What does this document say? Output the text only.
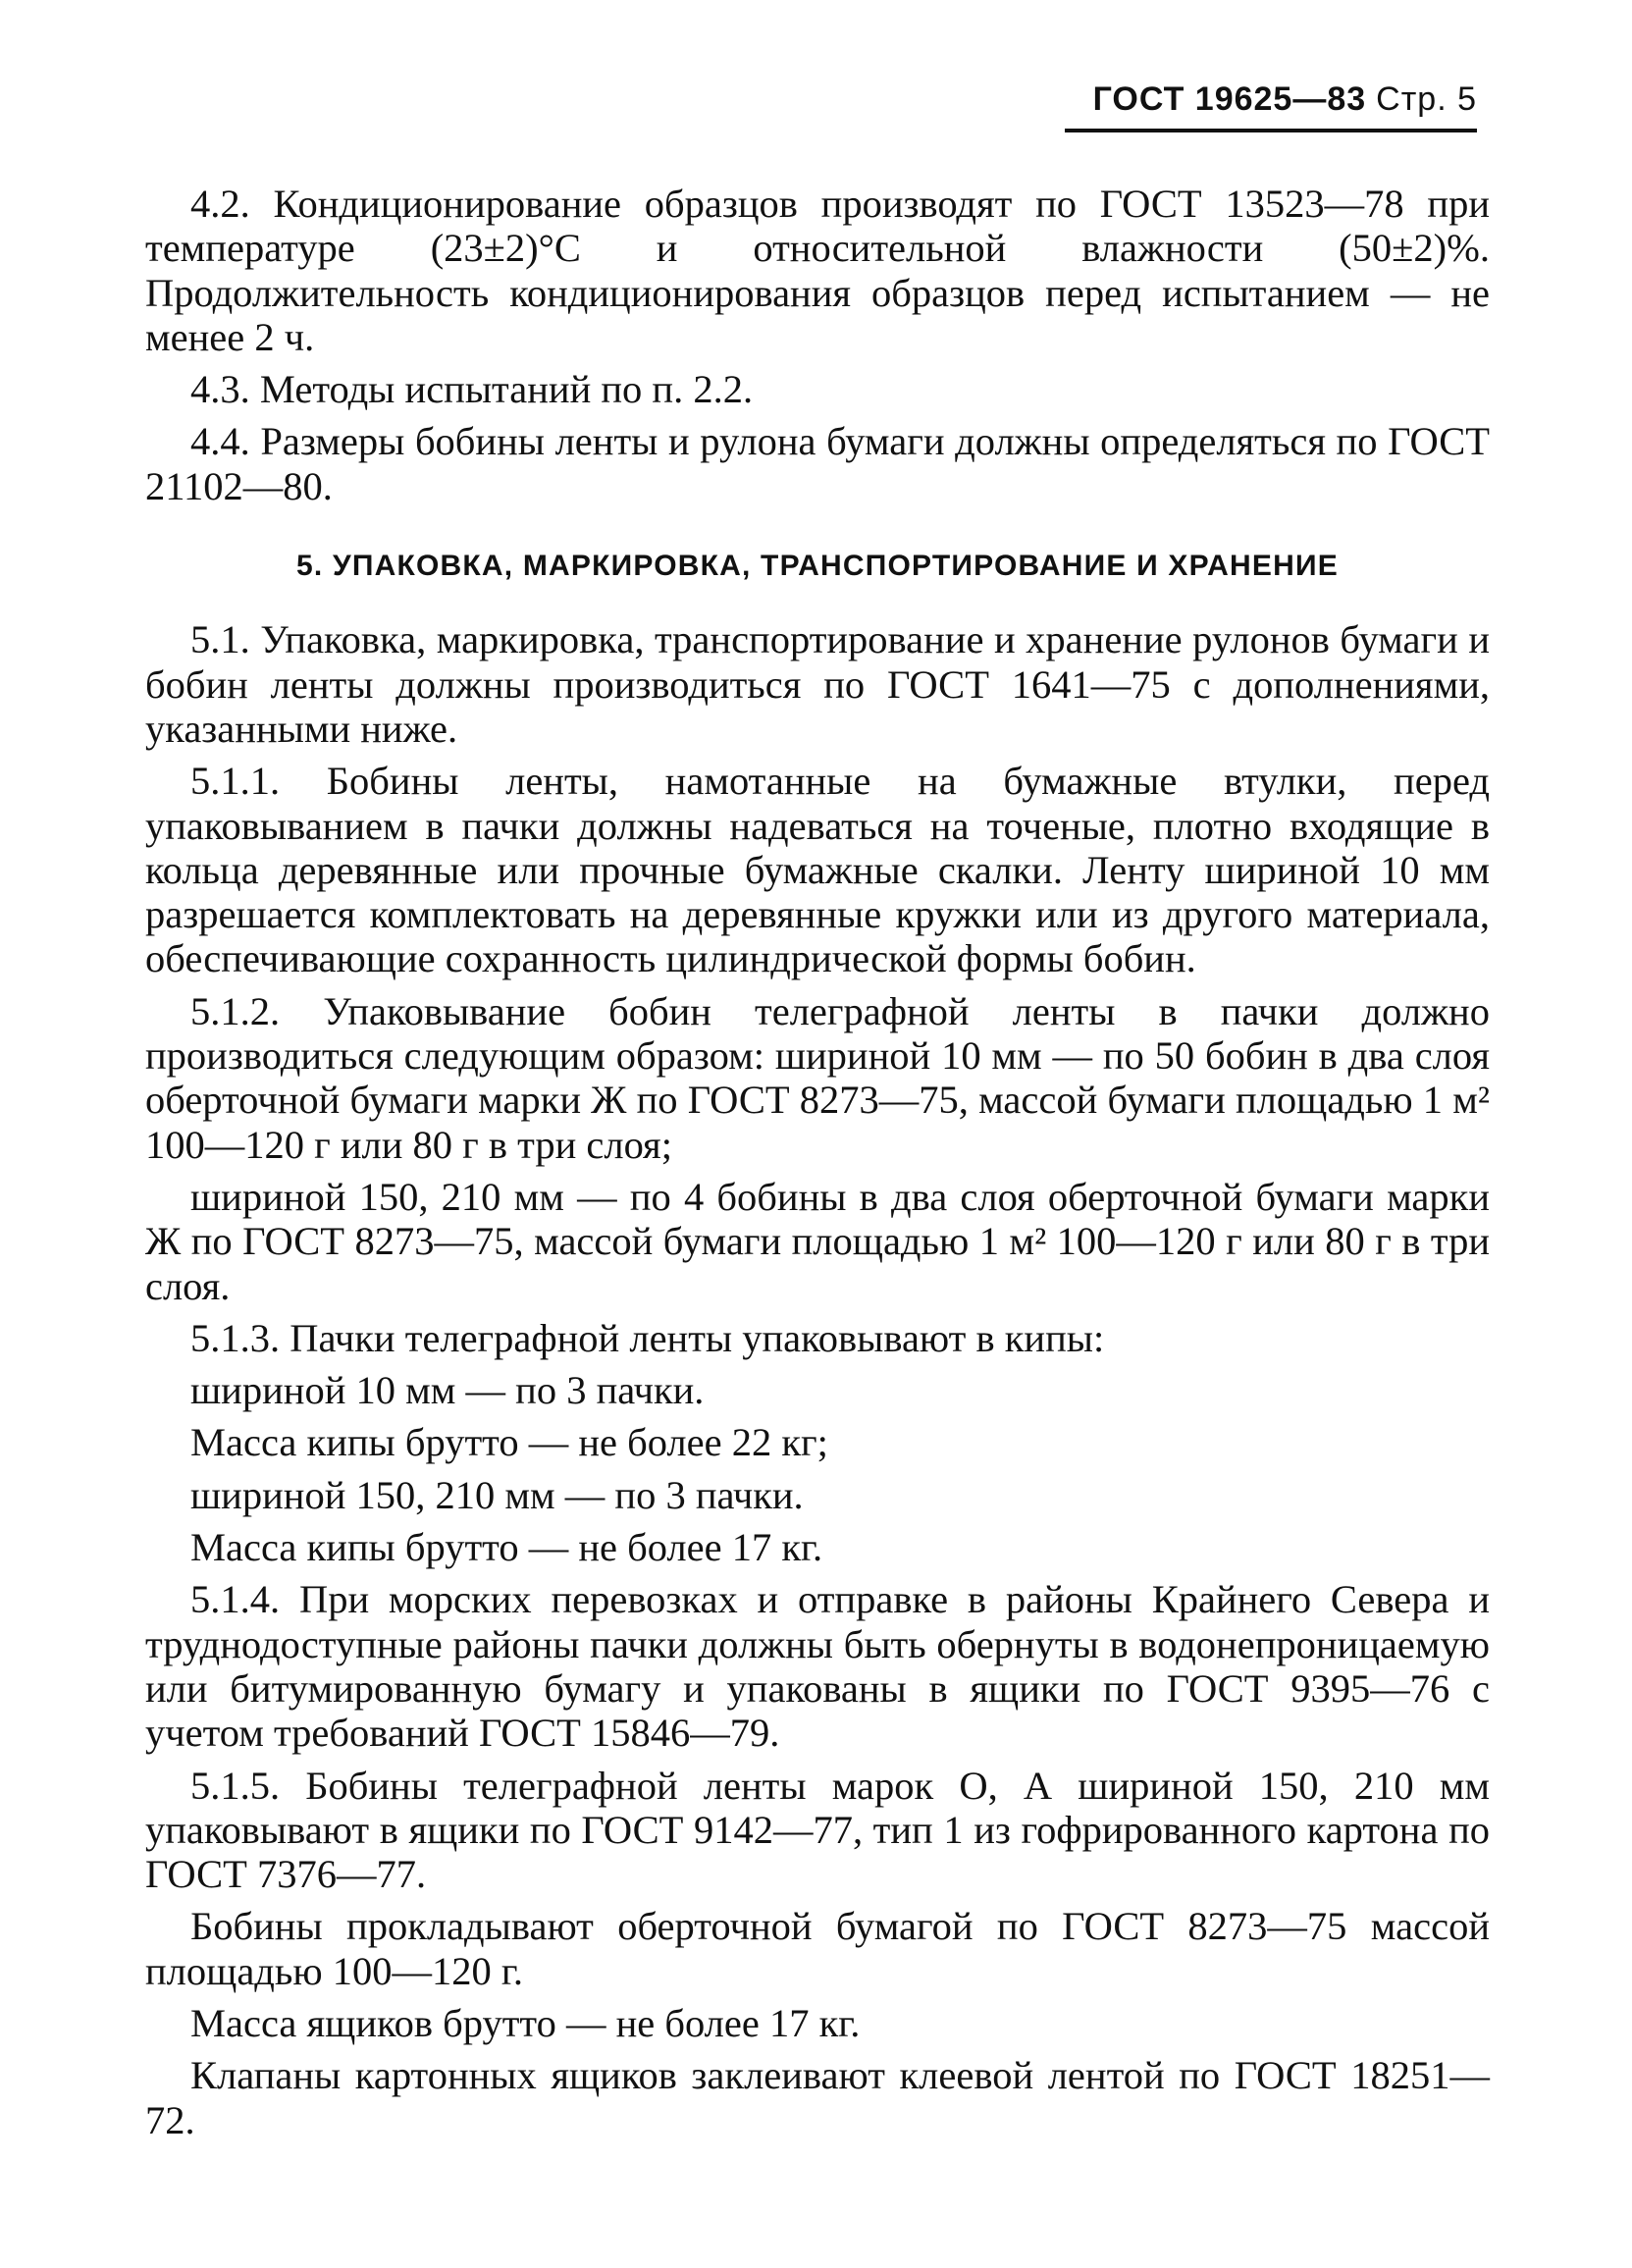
ГОСТ 19625—83 Стр. 5

4.2. Кондиционирование образцов производят по ГОСТ 13523—78 при температуре (23±2)°С и относительной влажности (50±2)%. Продолжительность кондиционирования образцов перед испытанием — не менее 2 ч.

4.3. Методы испытаний по п. 2.2.

4.4. Размеры бобины ленты и рулона бумаги должны определяться по ГОСТ 21102—80.

5. УПАКОВКА, МАРКИРОВКА, ТРАНСПОРТИРОВАНИЕ И ХРАНЕНИЕ

5.1. Упаковка, маркировка, транспортирование и хранение рулонов бумаги и бобин ленты должны производиться по ГОСТ 1641—75 с дополнениями, указанными ниже.

5.1.1. Бобины ленты, намотанные на бумажные втулки, перед упаковыванием в пачки должны надеваться на точеные, плотно входящие в кольца деревянные или прочные бумажные скалки. Ленту шириной 10 мм разрешается комплектовать на деревянные кружки или из другого материала, обеспечивающие сохранность цилиндрической формы бобин.

5.1.2. Упаковывание бобин телеграфной ленты в пачки должно производиться следующим образом: шириной 10 мм — по 50 бобин в два слоя оберточной бумаги марки Ж по ГОСТ 8273—75, массой бумаги площадью 1 м² 100—120 г или 80 г в три слоя;

шириной 150, 210 мм — по 4 бобины в два слоя оберточной бумаги марки Ж по ГОСТ 8273—75, массой бумаги площадью 1 м² 100—120 г или 80 г в три слоя.

5.1.3. Пачки телеграфной ленты упаковывают в кипы:

шириной 10 мм — по 3 пачки.

Масса кипы брутто — не более 22 кг;

шириной 150, 210 мм — по 3 пачки.

Масса кипы брутто — не более 17 кг.

5.1.4. При морских перевозках и отправке в районы Крайнего Севера и труднодоступные районы пачки должны быть обернуты в водонепроницаемую или битумированную бумагу и упакованы в ящики по ГОСТ 9395—76 с учетом требований ГОСТ 15846—79.

5.1.5. Бобины телеграфной ленты марок О, А шириной 150, 210 мм упаковывают в ящики по ГОСТ 9142—77, тип 1 из гофрированного картона по ГОСТ 7376—77.

Бобины прокладывают оберточной бумагой по ГОСТ 8273—75 массой площадью 100—120 г.

Масса ящиков брутто — не более 17 кг.

Клапаны картонных ящиков заклеивают клеевой лентой по ГОСТ 18251—72.
